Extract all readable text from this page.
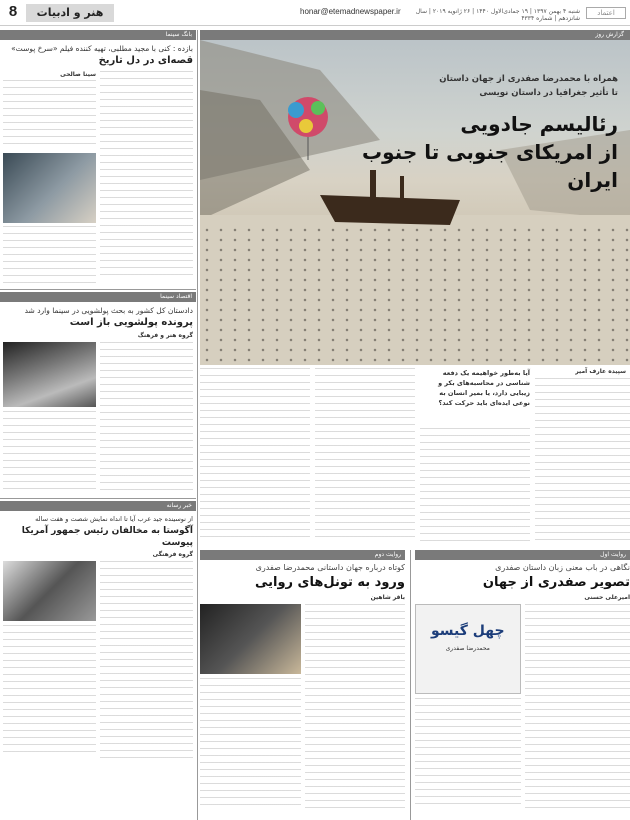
8	هنر و ادبیات	honar@etemadnewspaper.ir	شنبه ۴ بهمن ۱۳۹۷ | ۱۹ جمادی‌الاول ۱۴۴۰ | ۲۶ ژانویه ۲۰۱۹ | سال شانزدهم | شماره ۴۳۳۴
اعتماد
بانگ سینما
بازده : کنی با مجید مطلبی، تهیه کننده فیلم «سرخ پوست»
قصه‌ای در دل تاریخ
سینا صالحی
اقتصاد سینما
دادستان کل کشور به بحث پولشویی در سینما وارد شد
پرونده پولشویی باز است
گروه هنر و فرهنگ
خبر رسانه
از نوسینده جید عرب آیا تا انداه نمایش شصت و هفت ساله
آگوستا به مخالفان رئیس جمهور آمریکا پیوست
گروه فرهنگی
گزارش روز
همراه با محمدرضا صفدری از جهان داستان
تا تأثیر جغرافیا در داستان نویسی
رئالیسم جادویی
از امریکای جنوبی تا جنوب ایران
سپیده عارف آمیر
آیا به‌طور خواهیمه یک دفعه شناسی در محاسبه‌های بکر و زیبایی دارد، یا بمیر انسان به نوعی ایده‌ای باید حرکت کند؟
روایت دوم
کوتاه درباره جهان داستانی محمدرضا صفدری
ورود به تونل‌های روایی
باقر شاهین
روایت اول
نگاهی در باب معنی زبان داستان صفدری
تصویر صفدری از جهان
امیرعلی حسنی
چهل گیسو
محمدرضا صفدری
